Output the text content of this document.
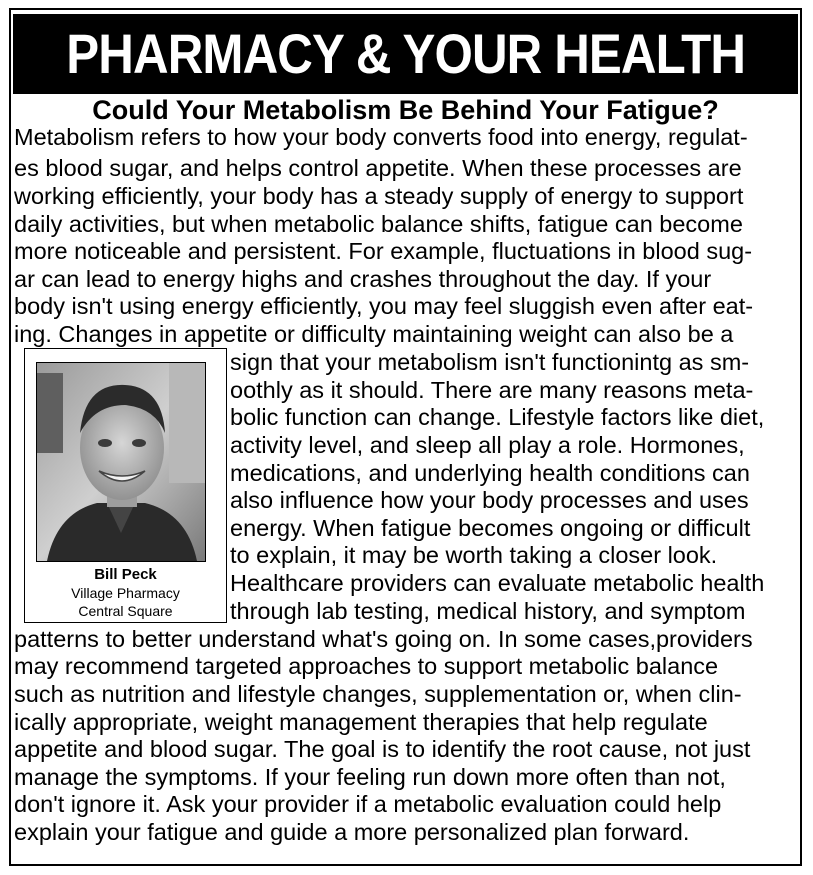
PHARMACY & YOUR HEALTH
Could Your Metabolism Be Behind Your Fatigue?
Metabolism refers to how your body converts food into energy, regulat-
es blood sugar, and helps control appetite. When these processes are
working efficiently, your body has a steady supply of energy to support
daily activities, but when metabolic balance shifts, fatigue can become
more noticeable and persistent. For example, fluctuations in blood sug-
ar can lead to energy highs and crashes throughout the day. If your
body isn't using energy efficiently, you may feel sluggish even after eat-
ing. Changes in appetite or difficulty maintaining weight can also be a
sign that your metabolism isn't functionintg as sm-
oothly as it should. There are many reasons meta-
bolic function can change. Lifestyle factors like diet,
activity level, and sleep all play a role. Hormones,
medications, and underlying health conditions can
also influence how your body processes and uses
energy. When fatigue becomes ongoing or difficult
to explain, it may be worth taking a closer look.
Healthcare providers can evaluate metabolic health
through lab testing, medical history, and symptom
patterns to better understand what's going on. In some cases,providers
may recommend targeted approaches to support metabolic balance
such as nutrition and lifestyle changes, supplementation or, when clin-
ically appropriate, weight management therapies that help regulate
appetite and blood sugar. The goal is to identify the root cause, not just
manage the symptoms. If your feeling run down more often than not,
don't ignore it. Ask your provider if a metabolic evaluation could help
explain your fatigue and guide a more personalized plan forward.
Bill Peck
Village Pharmacy
Central Square
